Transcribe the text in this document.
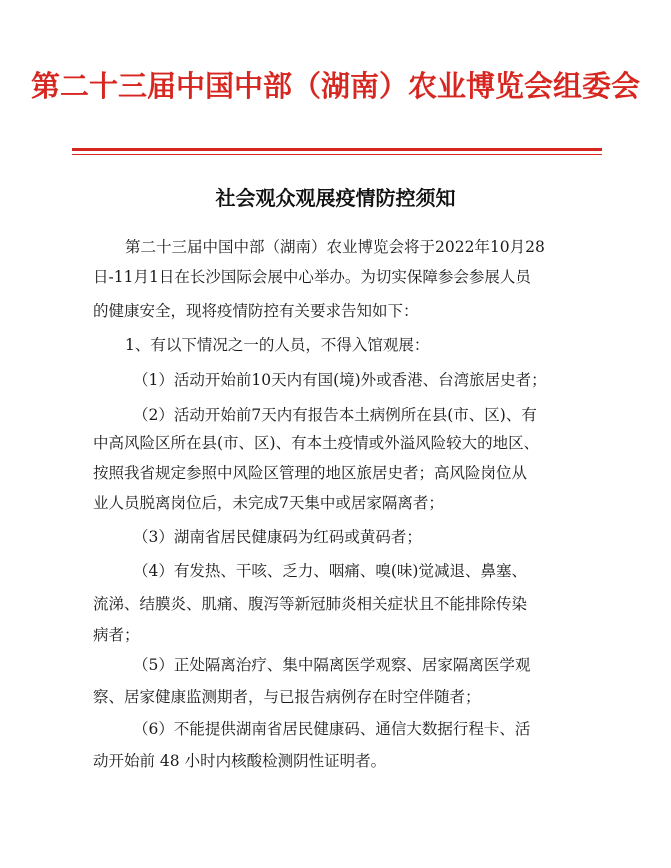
第二十三届中国中部（湖南）农业博览会组委会
社会观众观展疫情防控须知
第二十三届中国中部（湖南）农业博览会将于2022年10月28
日-11月1日在长沙国际会展中心举办。为切实保障参会参展人员
的健康安全，现将疫情防控有关要求告知如下：
1、有以下情况之一的人员，不得入馆观展：
（1）活动开始前10天内有国(境)外或香港、台湾旅居史者；
（2）活动开始前7天内有报告本土病例所在县(市、区)、有
中高风险区所在县(市、区)、有本土疫情或外溢风险较大的地区、
按照我省规定参照中风险区管理的地区旅居史者；高风险岗位从
业人员脱离岗位后，未完成7天集中或居家隔离者；
（3）湖南省居民健康码为红码或黄码者；
（4）有发热、干咳、乏力、咽痛、嗅(味)觉减退、鼻塞、
流涕、结膜炎、肌痛、腹泻等新冠肺炎相关症状且不能排除传染
病者；
（5）正处隔离治疗、集中隔离医学观察、居家隔离医学观
察、居家健康监测期者，与已报告病例存在时空伴随者；
（6）不能提供湖南省居民健康码、通信大数据行程卡、活
动开始前 48 小时内核酸检测阴性证明者。
